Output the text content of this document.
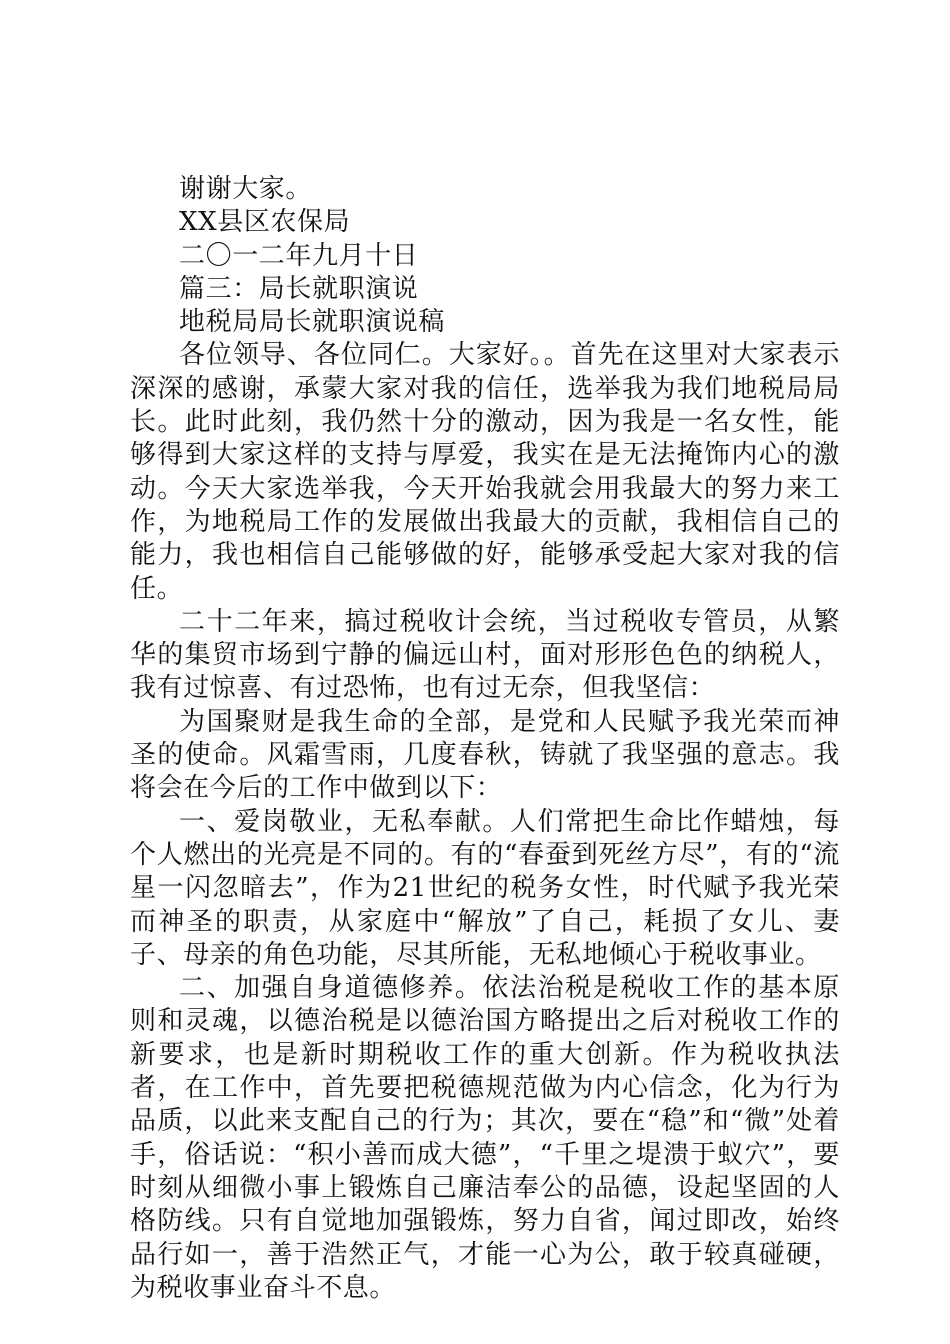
谢谢大家。

XX县区农保局

二〇一二年九月十日

篇三：局长就职演说

地税局局长就职演说稿

各位领导、各位同仁。大家好。。首先在这里对大家表示深深的感谢，承蒙大家对我的信任，选举我为我们地税局局长。此时此刻，我仍然十分的激动，因为我是一名女性，能够得到大家这样的支持与厚爱，我实在是无法掩饰内心的激动。今天大家选举我，今天开始我就会用我最大的努力来工作，为地税局工作的发展做出我最大的贡献，我相信自己的能力，我也相信自己能够做的好，能够承受起大家对我的信任。

二十二年来，搞过税收计会统，当过税收专管员，从繁华的集贸市场到宁静的偏远山村，面对形形色色的纳税人，我有过惊喜、有过恐怖，也有过无奈，但我坚信：

为国聚财是我生命的全部，是党和人民赋予我光荣而神圣的使命。风霜雪雨，几度春秋，铸就了我坚强的意志。我将会在今后的工作中做到以下：

一、爱岗敬业，无私奉献。人们常把生命比作蜡烛，每个人燃出的光亮是不同的。有的“春蚕到死丝方尽”，有的“流星一闪忽暗去”，作为21世纪的税务女性，时代赋予我光荣而神圣的职责，从家庭中“解放”了自己，耗损了女儿、妻子、母亲的角色功能，尽其所能，无私地倾心于税收事业。

二、加强自身道德修养。依法治税是税收工作的基本原则和灵魂，以德治税是以德治国方略提出之后对税收工作的新要求，也是新时期税收工作的重大创新。作为税收执法者，在工作中，首先要把税德规范做为内心信念，化为行为品质，以此来支配自己的行为；其次，要在“稳”和“微”处着手，俗话说：“积小善而成大德”，“千里之堤溃于蚁穴”，要时刻从细微小事上锻炼自己廉洁奉公的品德，设起坚固的人格防线。只有自觉地加强锻炼，努力自省，闻过即改，始终品行如一，善于浩然正气，才能一心为公，敢于较真碰硬，为税收事业奋斗不息。
